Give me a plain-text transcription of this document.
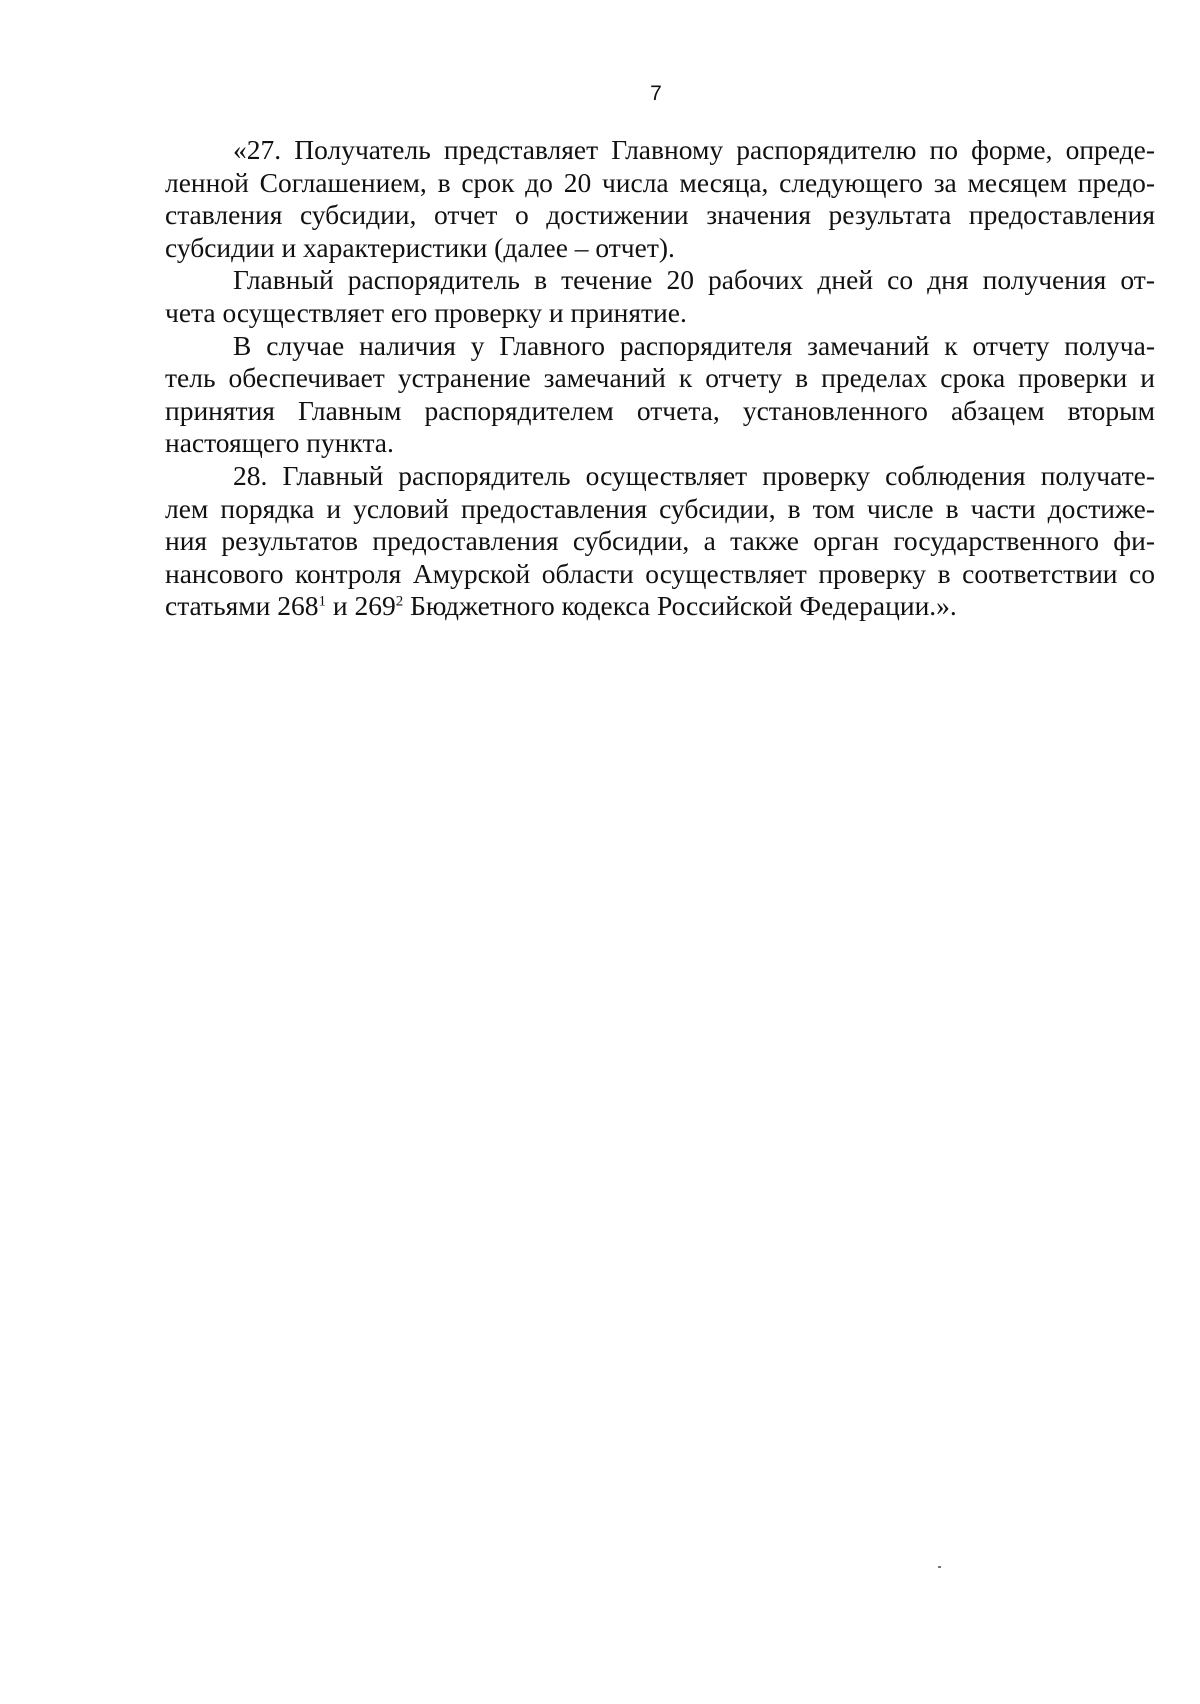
7
«27. Получатель представляет Главному распорядителю по форме, опреде-
ленной Соглашением, в срок до 20 числа месяца, следующего за месяцем предо-
ставления субсидии, отчет о достижении значения результата предоставления
субсидии и характеристики (далее – отчет).
Главный распорядитель в течение 20 рабочих дней со дня получения от-
чета осуществляет его проверку и принятие.
В случае наличия у Главного распорядителя замечаний к отчету получа-
тель обеспечивает устранение замечаний к отчету в пределах срока проверки и
принятия Главным распорядителем отчета, установленного абзацем вторым
настоящего пункта.
28. Главный распорядитель осуществляет проверку соблюдения получате-
лем порядка и условий предоставления субсидии, в том числе в части достиже-
ния результатов предоставления субсидии, а также орган государственного фи-
нансового контроля Амурской области осуществляет проверку в соответствии со
статьями $268^1$ и $269^2$ Бюджетного кодекса Российской Федерации.».
